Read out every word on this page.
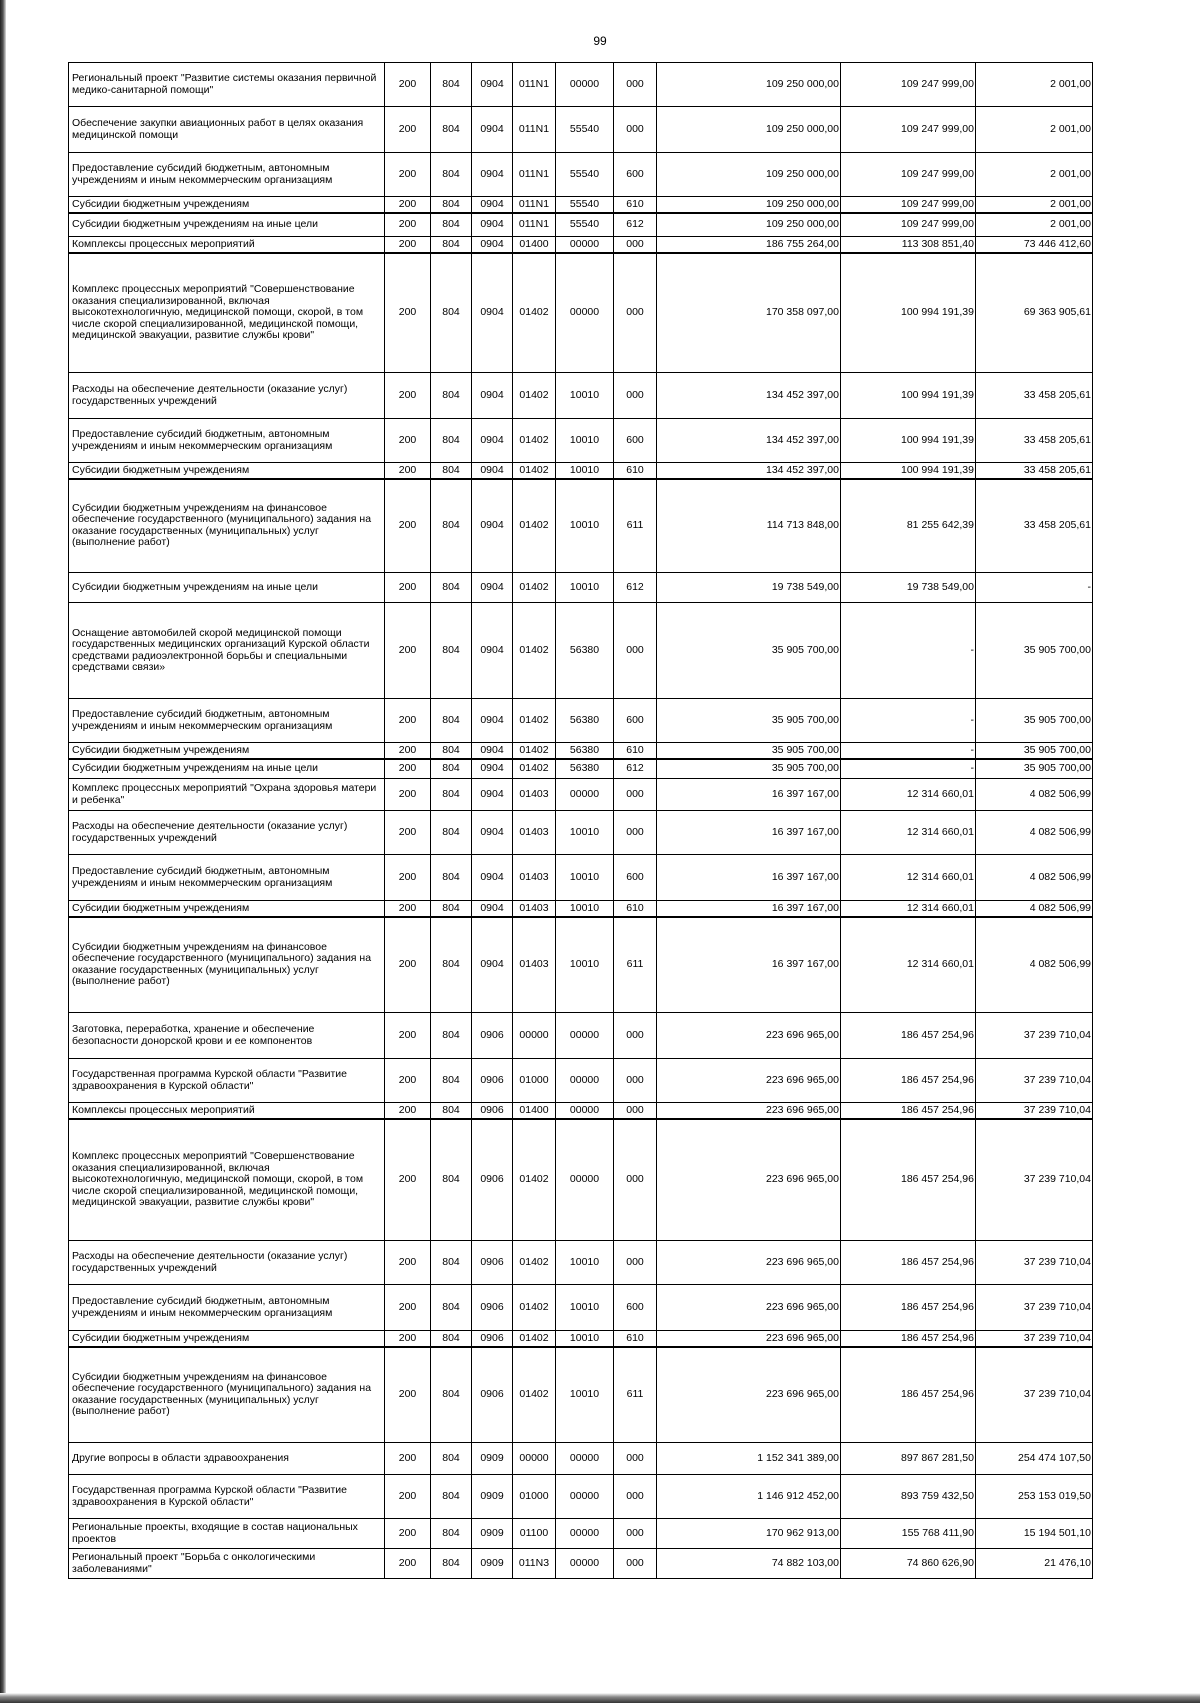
99
Региональный проект "Развитие системы оказания первичной медико-санитарной помощи"	200	804	0904	011N1	00000	000	109 250 000,00	109 247 999,00	2 001,00
Обеспечение закупки авиационных работ в целях оказания медицинской помощи	200	804	0904	011N1	55540	000	109 250 000,00	109 247 999,00	2 001,00
Предоставление субсидий бюджетным, автономным учреждениям и иным некоммерческим организациям	200	804	0904	011N1	55540	600	109 250 000,00	109 247 999,00	2 001,00
Субсидии бюджетным учреждениям	200	804	0904	011N1	55540	610	109 250 000,00	109 247 999,00	2 001,00
Субсидии бюджетным учреждениям на иные цели	200	804	0904	011N1	55540	612	109 250 000,00	109 247 999,00	2 001,00
Комплексы процессных мероприятий	200	804	0904	01400	00000	000	186 755 264,00	113 308 851,40	73 446 412,60
Комплекс процессных мероприятий "Совершенствование оказания специализированной, включая высокотехнологичную, медицинской помощи, скорой, в том числе скорой специализированной, медицинской помощи, медицинской эвакуации, развитие службы крови"	200	804	0904	01402	00000	000	170 358 097,00	100 994 191,39	69 363 905,61
Расходы на обеспечение деятельности (оказание услуг) государственных учреждений	200	804	0904	01402	10010	000	134 452 397,00	100 994 191,39	33 458 205,61
Предоставление субсидий бюджетным, автономным учреждениям и иным некоммерческим организациям	200	804	0904	01402	10010	600	134 452 397,00	100 994 191,39	33 458 205,61
Субсидии бюджетным учреждениям	200	804	0904	01402	10010	610	134 452 397,00	100 994 191,39	33 458 205,61
Субсидии бюджетным учреждениям на финансовое обеспечение государственного (муниципального) задания на оказание государственных (муниципальных) услуг (выполнение работ)	200	804	0904	01402	10010	611	114 713 848,00	81 255 642,39	33 458 205,61
Субсидии бюджетным учреждениям на иные цели	200	804	0904	01402	10010	612	19 738 549,00	19 738 549,00	-
Оснащение автомобилей скорой медицинской помощи государственных медицинских организаций Курской области средствами радиоэлектронной борьбы и специальными средствами связи»	200	804	0904	01402	56380	000	35 905 700,00	-	35 905 700,00
Предоставление субсидий бюджетным, автономным учреждениям и иным некоммерческим организациям	200	804	0904	01402	56380	600	35 905 700,00	-	35 905 700,00
Субсидии бюджетным учреждениям	200	804	0904	01402	56380	610	35 905 700,00	-	35 905 700,00
Субсидии бюджетным учреждениям на иные цели	200	804	0904	01402	56380	612	35 905 700,00	-	35 905 700,00
Комплекс процессных мероприятий "Охрана здоровья матери и ребенка"	200	804	0904	01403	00000	000	16 397 167,00	12 314 660,01	4 082 506,99
Расходы на обеспечение деятельности (оказание услуг) государственных учреждений	200	804	0904	01403	10010	000	16 397 167,00	12 314 660,01	4 082 506,99
Предоставление субсидий бюджетным, автономным учреждениям и иным некоммерческим организациям	200	804	0904	01403	10010	600	16 397 167,00	12 314 660,01	4 082 506,99
Субсидии бюджетным учреждениям	200	804	0904	01403	10010	610	16 397 167,00	12 314 660,01	4 082 506,99
Субсидии бюджетным учреждениям на финансовое обеспечение государственного (муниципального) задания на оказание государственных (муниципальных) услуг (выполнение работ)	200	804	0904	01403	10010	611	16 397 167,00	12 314 660,01	4 082 506,99
Заготовка, переработка, хранение и обеспечение безопасности донорской крови и ее компонентов	200	804	0906	00000	00000	000	223 696 965,00	186 457 254,96	37 239 710,04
Государственная программа Курской области "Развитие здравоохранения в Курской области"	200	804	0906	01000	00000	000	223 696 965,00	186 457 254,96	37 239 710,04
Комплексы процессных мероприятий	200	804	0906	01400	00000	000	223 696 965,00	186 457 254,96	37 239 710,04
Комплекс процессных мероприятий "Совершенствование оказания специализированной, включая высокотехнологичную, медицинской помощи, скорой, в том числе скорой специализированной, медицинской помощи, медицинской эвакуации, развитие службы крови"	200	804	0906	01402	00000	000	223 696 965,00	186 457 254,96	37 239 710,04
Расходы на обеспечение деятельности (оказание услуг) государственных учреждений	200	804	0906	01402	10010	000	223 696 965,00	186 457 254,96	37 239 710,04
Предоставление субсидий бюджетным, автономным учреждениям и иным некоммерческим организациям	200	804	0906	01402	10010	600	223 696 965,00	186 457 254,96	37 239 710,04
Субсидии бюджетным учреждениям	200	804	0906	01402	10010	610	223 696 965,00	186 457 254,96	37 239 710,04
Субсидии бюджетным учреждениям на финансовое обеспечение государственного (муниципального) задания на оказание государственных (муниципальных) услуг (выполнение работ)	200	804	0906	01402	10010	611	223 696 965,00	186 457 254,96	37 239 710,04
Другие вопросы в области здравоохранения	200	804	0909	00000	00000	000	1 152 341 389,00	897 867 281,50	254 474 107,50
Государственная программа Курской области "Развитие здравоохранения в Курской области"	200	804	0909	01000	00000	000	1 146 912 452,00	893 759 432,50	253 153 019,50
Региональные проекты, входящие в состав национальных проектов	200	804	0909	01100	00000	000	170 962 913,00	155 768 411,90	15 194 501,10
Региональный проект "Борьба с онкологическими заболеваниями"	200	804	0909	011N3	00000	000	74 882 103,00	74 860 626,90	21 476,10
